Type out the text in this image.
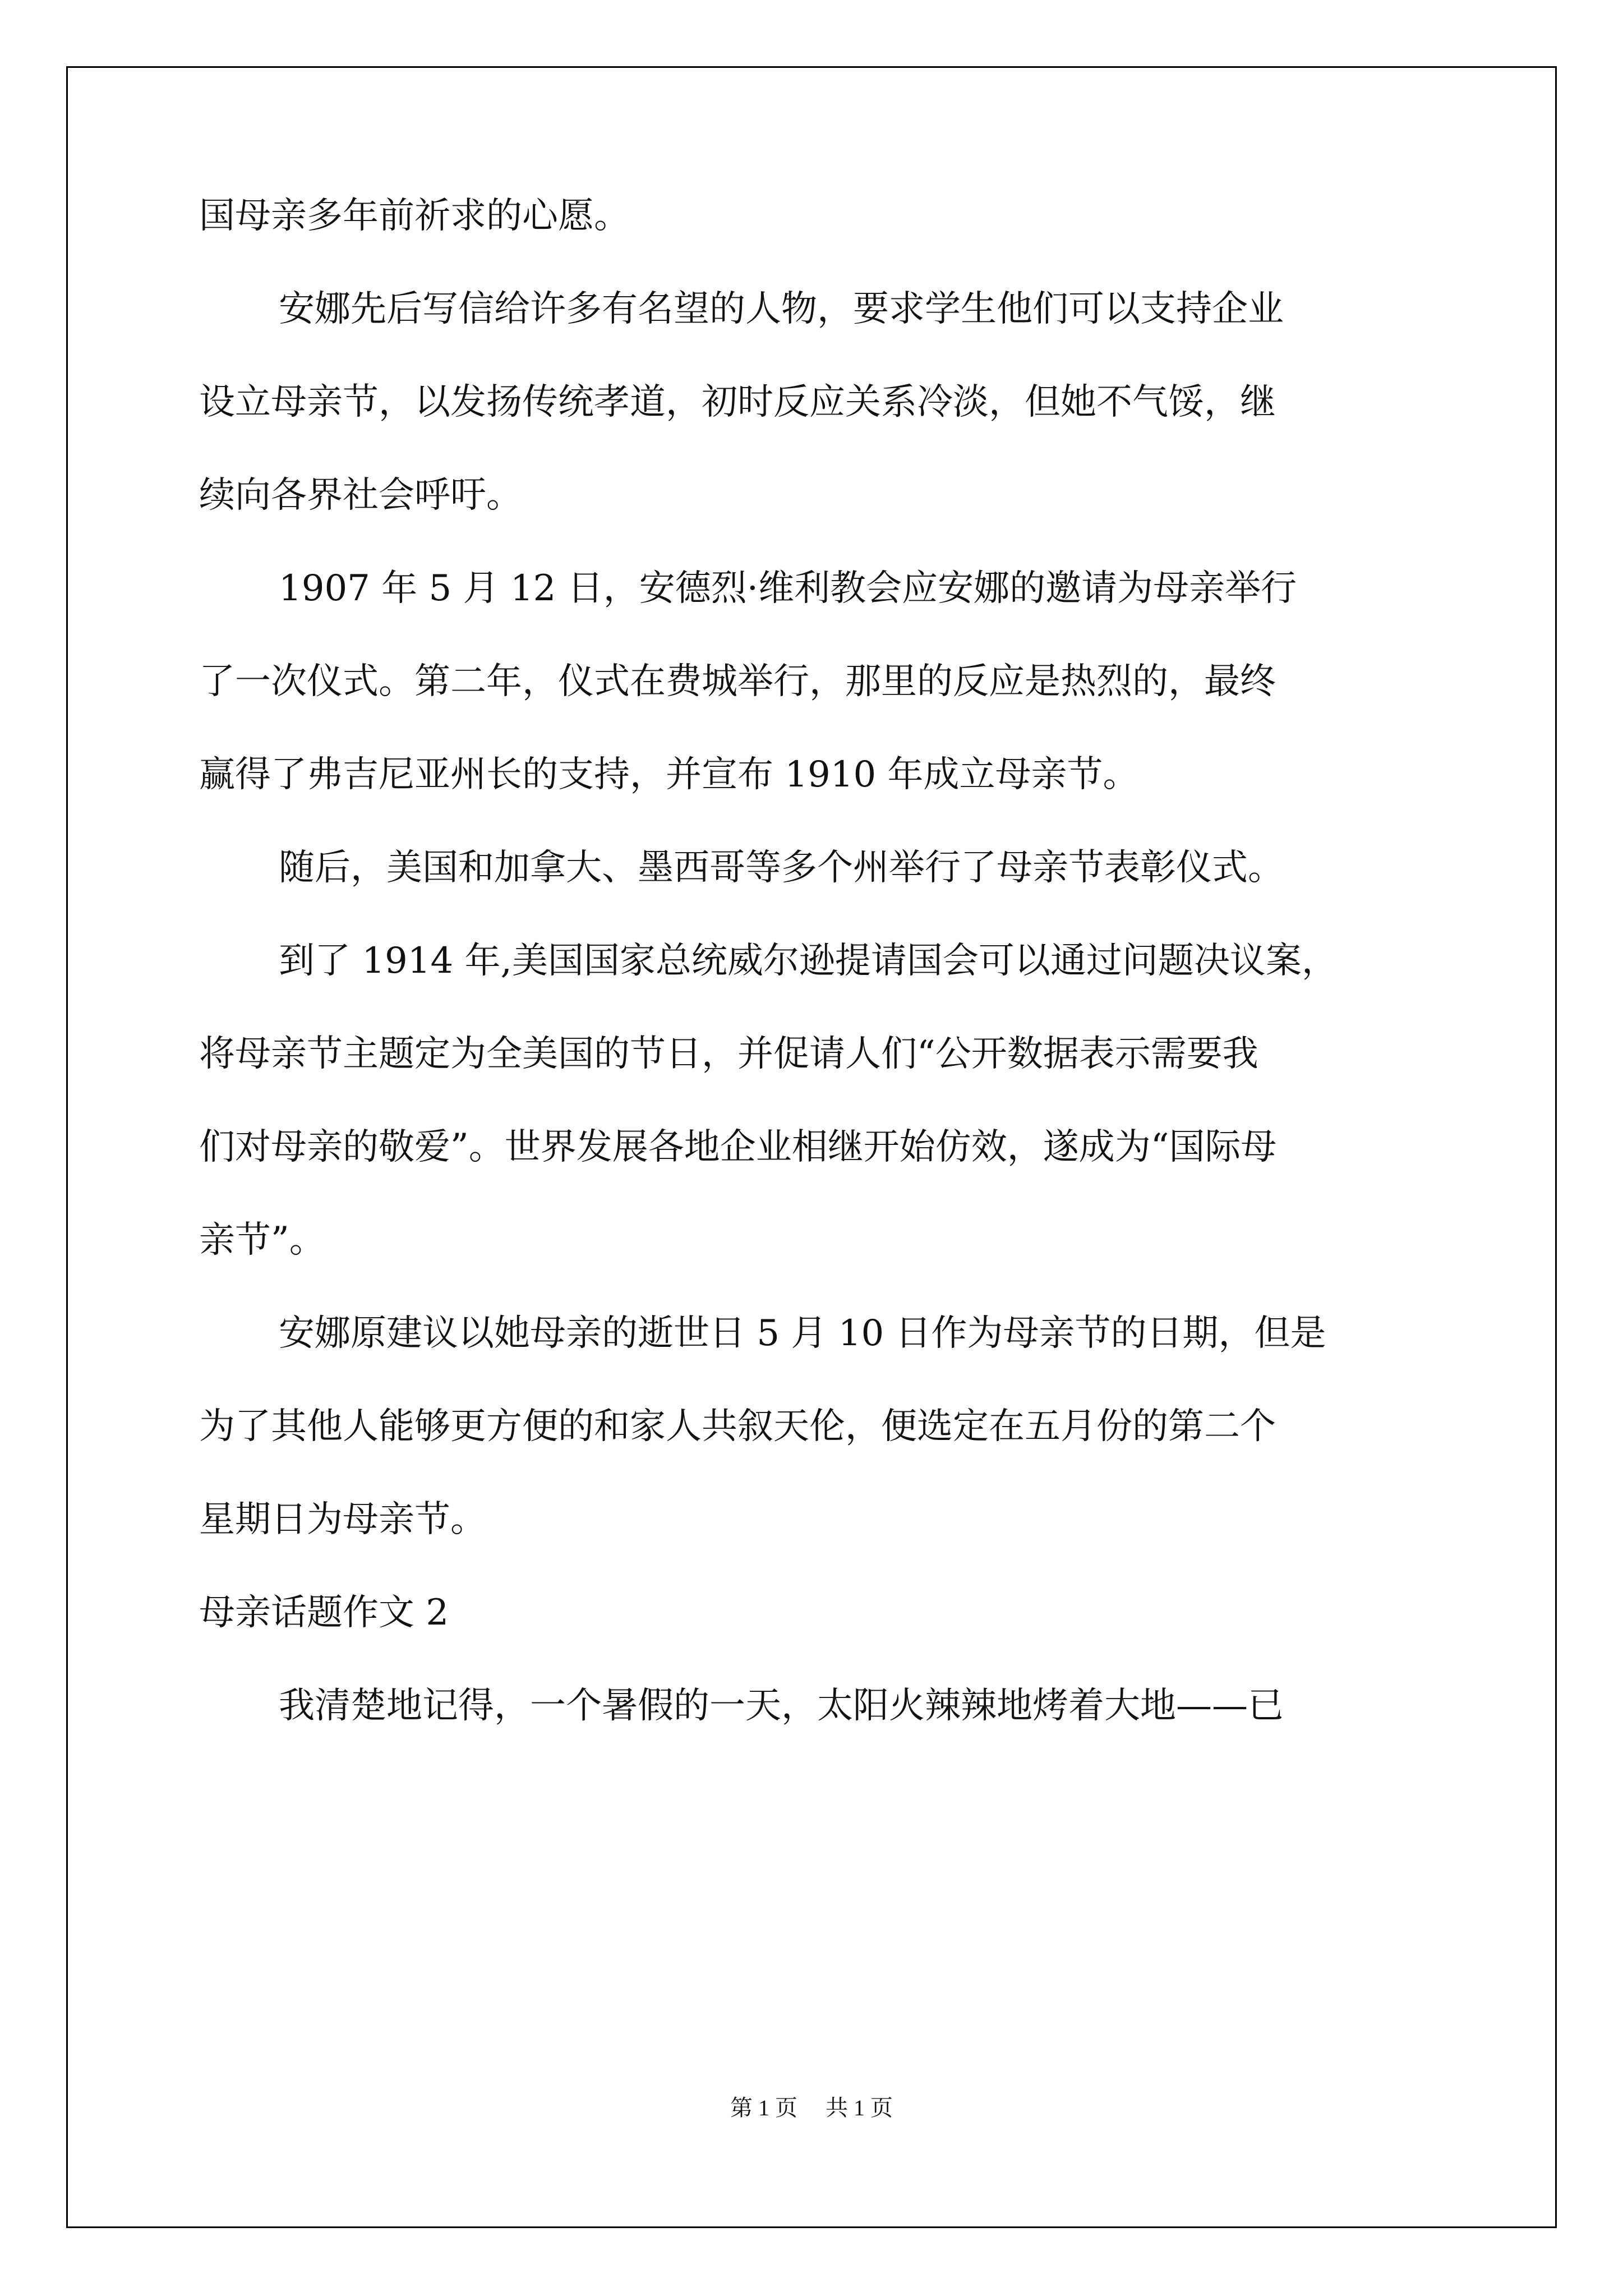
国母亲多年前祈求的心愿。
安娜先后写信给许多有名望的人物，要求学生他们可以支持企业
设立母亲节，以发扬传统孝道，初时反应关系冷淡，但她不气馁，继
续向各界社会呼吁。
1907 年 5 月 12 日，安德烈·维利教会应安娜的邀请为母亲举行
了一次仪式。第二年，仪式在费城举行，那里的反应是热烈的，最终
赢得了弗吉尼亚州长的支持，并宣布 1910 年成立母亲节。
随后，美国和加拿大、墨西哥等多个州举行了母亲节表彰仪式。
到了 1914 年,美国国家总统威尔逊提请国会可以通过问题决议案，
将母亲节主题定为全美国的节日，并促请人们“公开数据表示需要我
们对母亲的敬爱”。世界发展各地企业相继开始仿效，遂成为“国际母
亲节”。
安娜原建议以她母亲的逝世日 5 月 10 日作为母亲节的日期，但是
为了其他人能够更方便的和家人共叙天伦，便选定在五月份的第二个
星期日为母亲节。
母亲话题作文 2
我清楚地记得，一个暑假的一天，太阳火辣辣地烤着大地——已
第 1 页 共 1 页
